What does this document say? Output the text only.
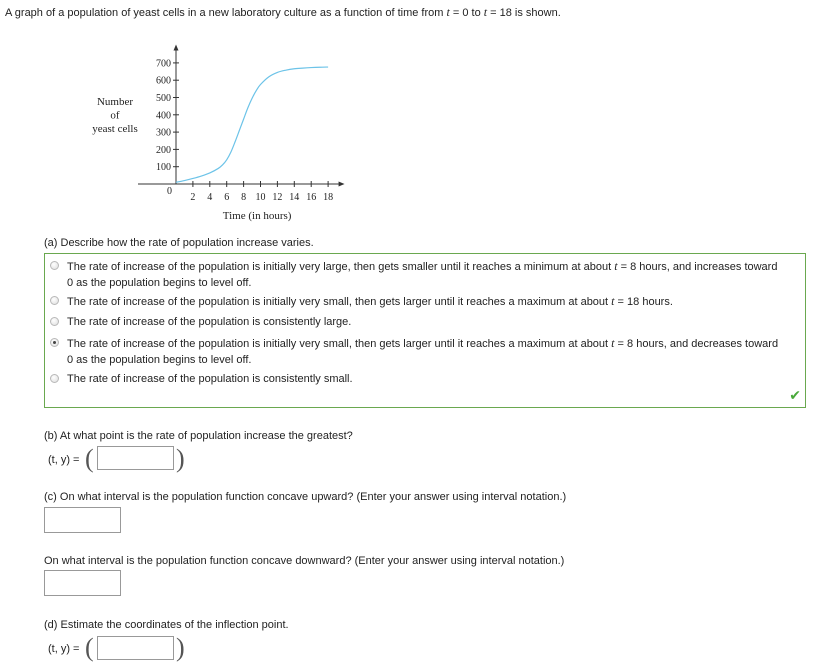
A graph of a population of yeast cells in a new laboratory culture as a function of time from t = 0 to t = 18 is shown.
2 4 6 8 10 12 14 16 18
100
200
300
400
500
600
700
0
Number
of
yeast cells
Time (in hours)
(a) Describe how the rate of population increase varies.
The rate of increase of the population is initially very large, then gets smaller until it reaches a minimum at about t = 8 hours, and increases toward
0 as the population begins to level off.
The rate of increase of the population is initially very small, then gets larger until it reaches a maximum at about t = 18 hours.
The rate of increase of the population is consistently large.
The rate of increase of the population is initially very small, then gets larger until it reaches a maximum at about t = 8 hours, and decreases toward
0 as the population begins to level off.
The rate of increase of the population is consistently small.
✔
(b) At what point is the rate of population increase the greatest?
(t, y) = (	)
(c) On what interval is the population function concave upward? (Enter your answer using interval notation.)
On what interval is the population function concave downward? (Enter your answer using interval notation.)
(d) Estimate the coordinates of the inflection point.
(t, y) = (	)
